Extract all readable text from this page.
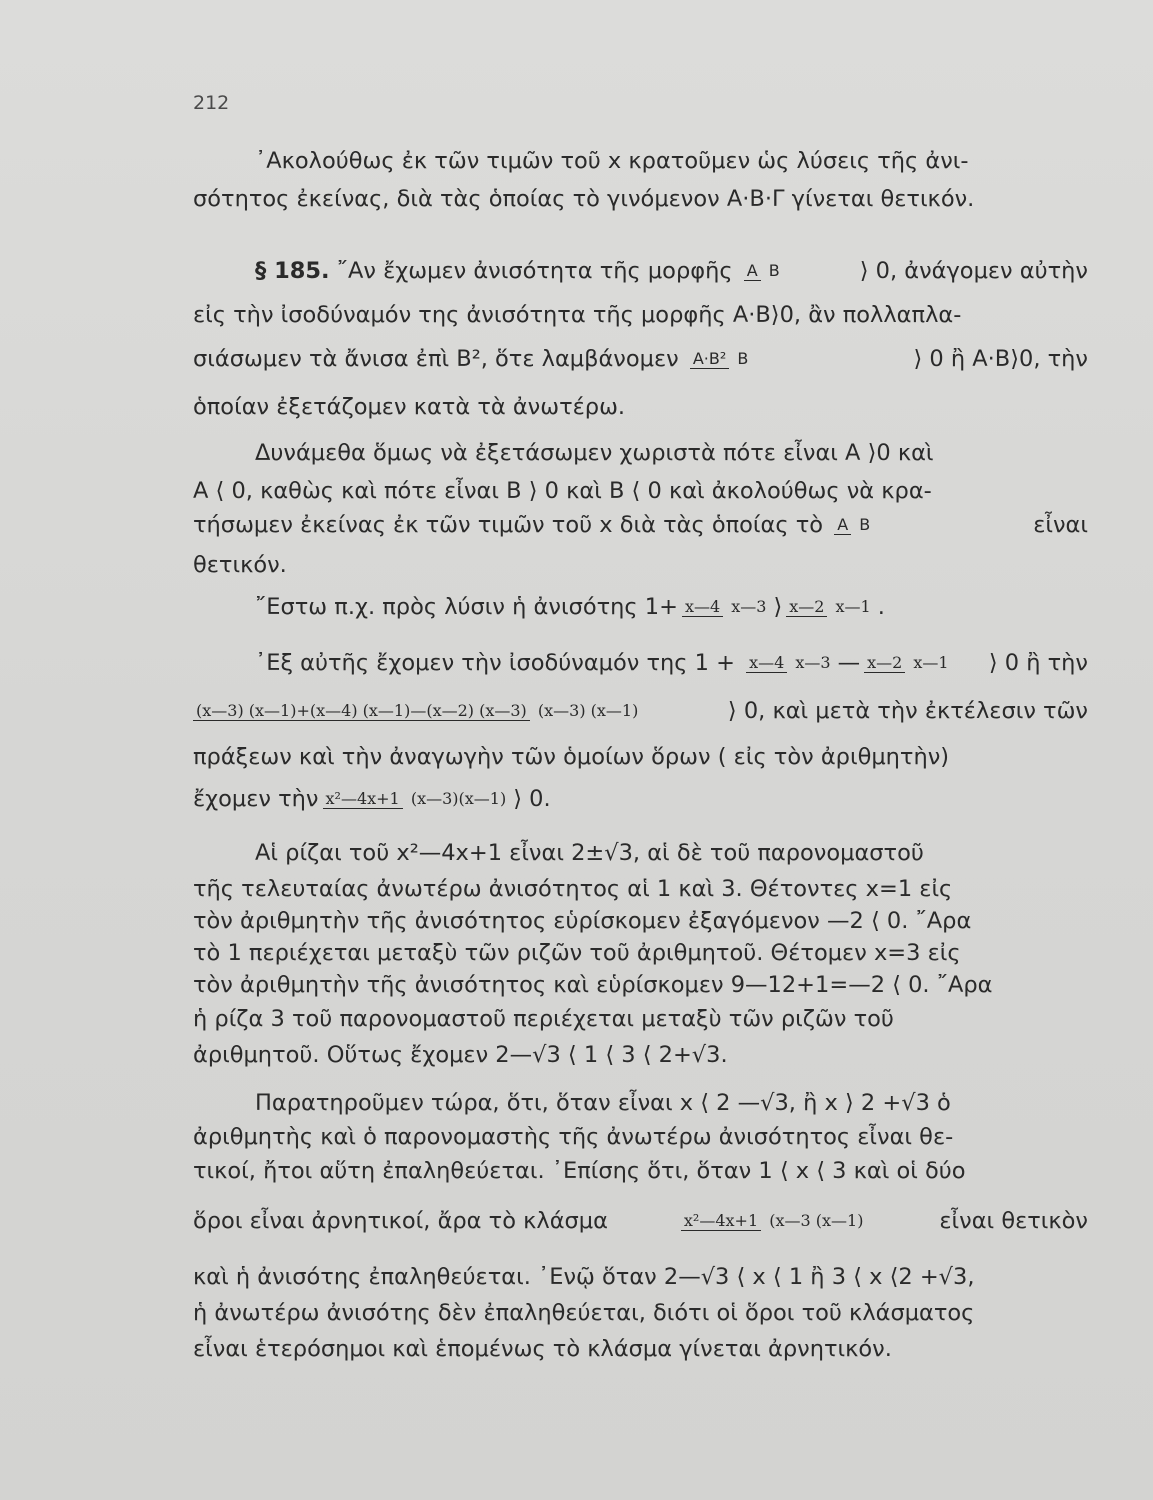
212
᾿Ακολούθως ἐκ τῶν τιμῶν τοῦ x κρατοῦμεν ὡς λύσεις τῆς ἀνι-
σότητος ἐκείνας, διὰ τὰς ὁποίας τὸ γινόμενον Α·Β·Γ γίνεται θετικόν.
§ 185. ῎Αν ἔχωμεν ἀνισότητα τῆς μορφῆς Α Β	⟩ 0, ἀνάγομεν αὐτὴν
εἰς τὴν ἰσοδύναμόν της ἀνισότητα τῆς μορφῆς Α·Β⟩0, ἂν πολλαπλα-
σιάσωμεν τὰ ἄνισα ἐπὶ Β², ὅτε λαμβάνομεν Α·Β² Β	⟩ 0 ἢ Α·Β⟩0, τὴν
ὁποίαν ἐξετάζομεν κατὰ τὰ ἀνωτέρω.
Δυνάμεθα ὅμως νὰ ἐξετάσωμεν χωριστὰ πότε εἶναι Α ⟩0 καὶ
Α ⟨ 0, καθὼς καὶ πότε εἶναι Β ⟩ 0 καὶ Β ⟨ 0 καὶ ἀκολούθως νὰ κρα-
τήσωμεν ἐκείνας ἐκ τῶν τιμῶν τοῦ x διὰ τὰς ὁποίας τὸ Α Β	εἶναι
θετικόν.
῎Εστω π.χ. πρὸς λύσιν ἡ ἀνισότης 1+ x—4 x—3 ⟩ x—2 x—1 .
᾿Εξ αὐτῆς ἔχομεν τὴν ἰσοδύναμόν της 1 + x—4 x—3 — x—2 x—1	⟩ 0 ἢ τὴν
(x—3) (x—1)+(x—4) (x—1)—(x—2) (x—3) (x—3) (x—1)	⟩ 0, καὶ μετὰ τὴν ἐκτέλεσιν τῶν
πράξεων καὶ τὴν ἀναγωγὴν τῶν ὁμοίων ὅρων ( εἰς τὸν ἀριθμητὴν)
ἔχομεν τὴν x²—4x+1 (x—3)(x—1) ⟩ 0.
Αἱ ρίζαι τοῦ x²—4x+1 εἶναι 2±√3, αἱ δὲ τοῦ παρονομαστοῦ
τῆς τελευταίας ἀνωτέρω ἀνισότητος αἱ 1 καὶ 3. Θέτοντες x=1 εἰς
τὸν ἀριθμητὴν τῆς ἀνισότητος εὑρίσκομεν ἐξαγόμενον —2 ⟨ 0. ῎Αρα
τὸ 1 περιέχεται μεταξὺ τῶν ριζῶν τοῦ ἀριθμητοῦ. Θέτομεν x=3 εἰς
τὸν ἀριθμητὴν τῆς ἀνισότητος καὶ εὑρίσκομεν 9—12+1=—2 ⟨ 0. ῎Αρα
ἡ ρίζα 3 τοῦ παρονομαστοῦ περιέχεται μεταξὺ τῶν ριζῶν τοῦ
ἀριθμητοῦ. Οὕτως ἔχομεν 2—√3 ⟨ 1 ⟨ 3 ⟨ 2+√3.
Παρατηροῦμεν τώρα, ὅτι, ὅταν εἶναι x ⟨ 2 —√3, ἢ x ⟩ 2 +√3 ὁ
ἀριθμητὴς καὶ ὁ παρονομαστὴς τῆς ἀνωτέρω ἀνισότητος εἶναι θε-
τικοί, ἤτοι αὕτη ἐπαληθεύεται. ᾿Επίσης ὅτι, ὅταν 1 ⟨ x ⟨ 3 καὶ οἱ δύο
ὅροι εἶναι ἀρνητικοί, ἄρα τὸ κλάσμα	x²—4x+1 (x—3 (x—1)	εἶναι θετικὸν
καὶ ἡ ἀνισότης ἐπαληθεύεται. ᾿Ενῷ ὅταν 2—√3 ⟨ x ⟨ 1 ἢ 3 ⟨ x ⟨2 +√3,
ἡ ἀνωτέρω ἀνισότης δὲν ἐπαληθεύεται, διότι οἱ ὅροι τοῦ κλάσματος
εἶναι ἑτερόσημοι καὶ ἑπομένως τὸ κλάσμα γίνεται ἀρνητικόν.
